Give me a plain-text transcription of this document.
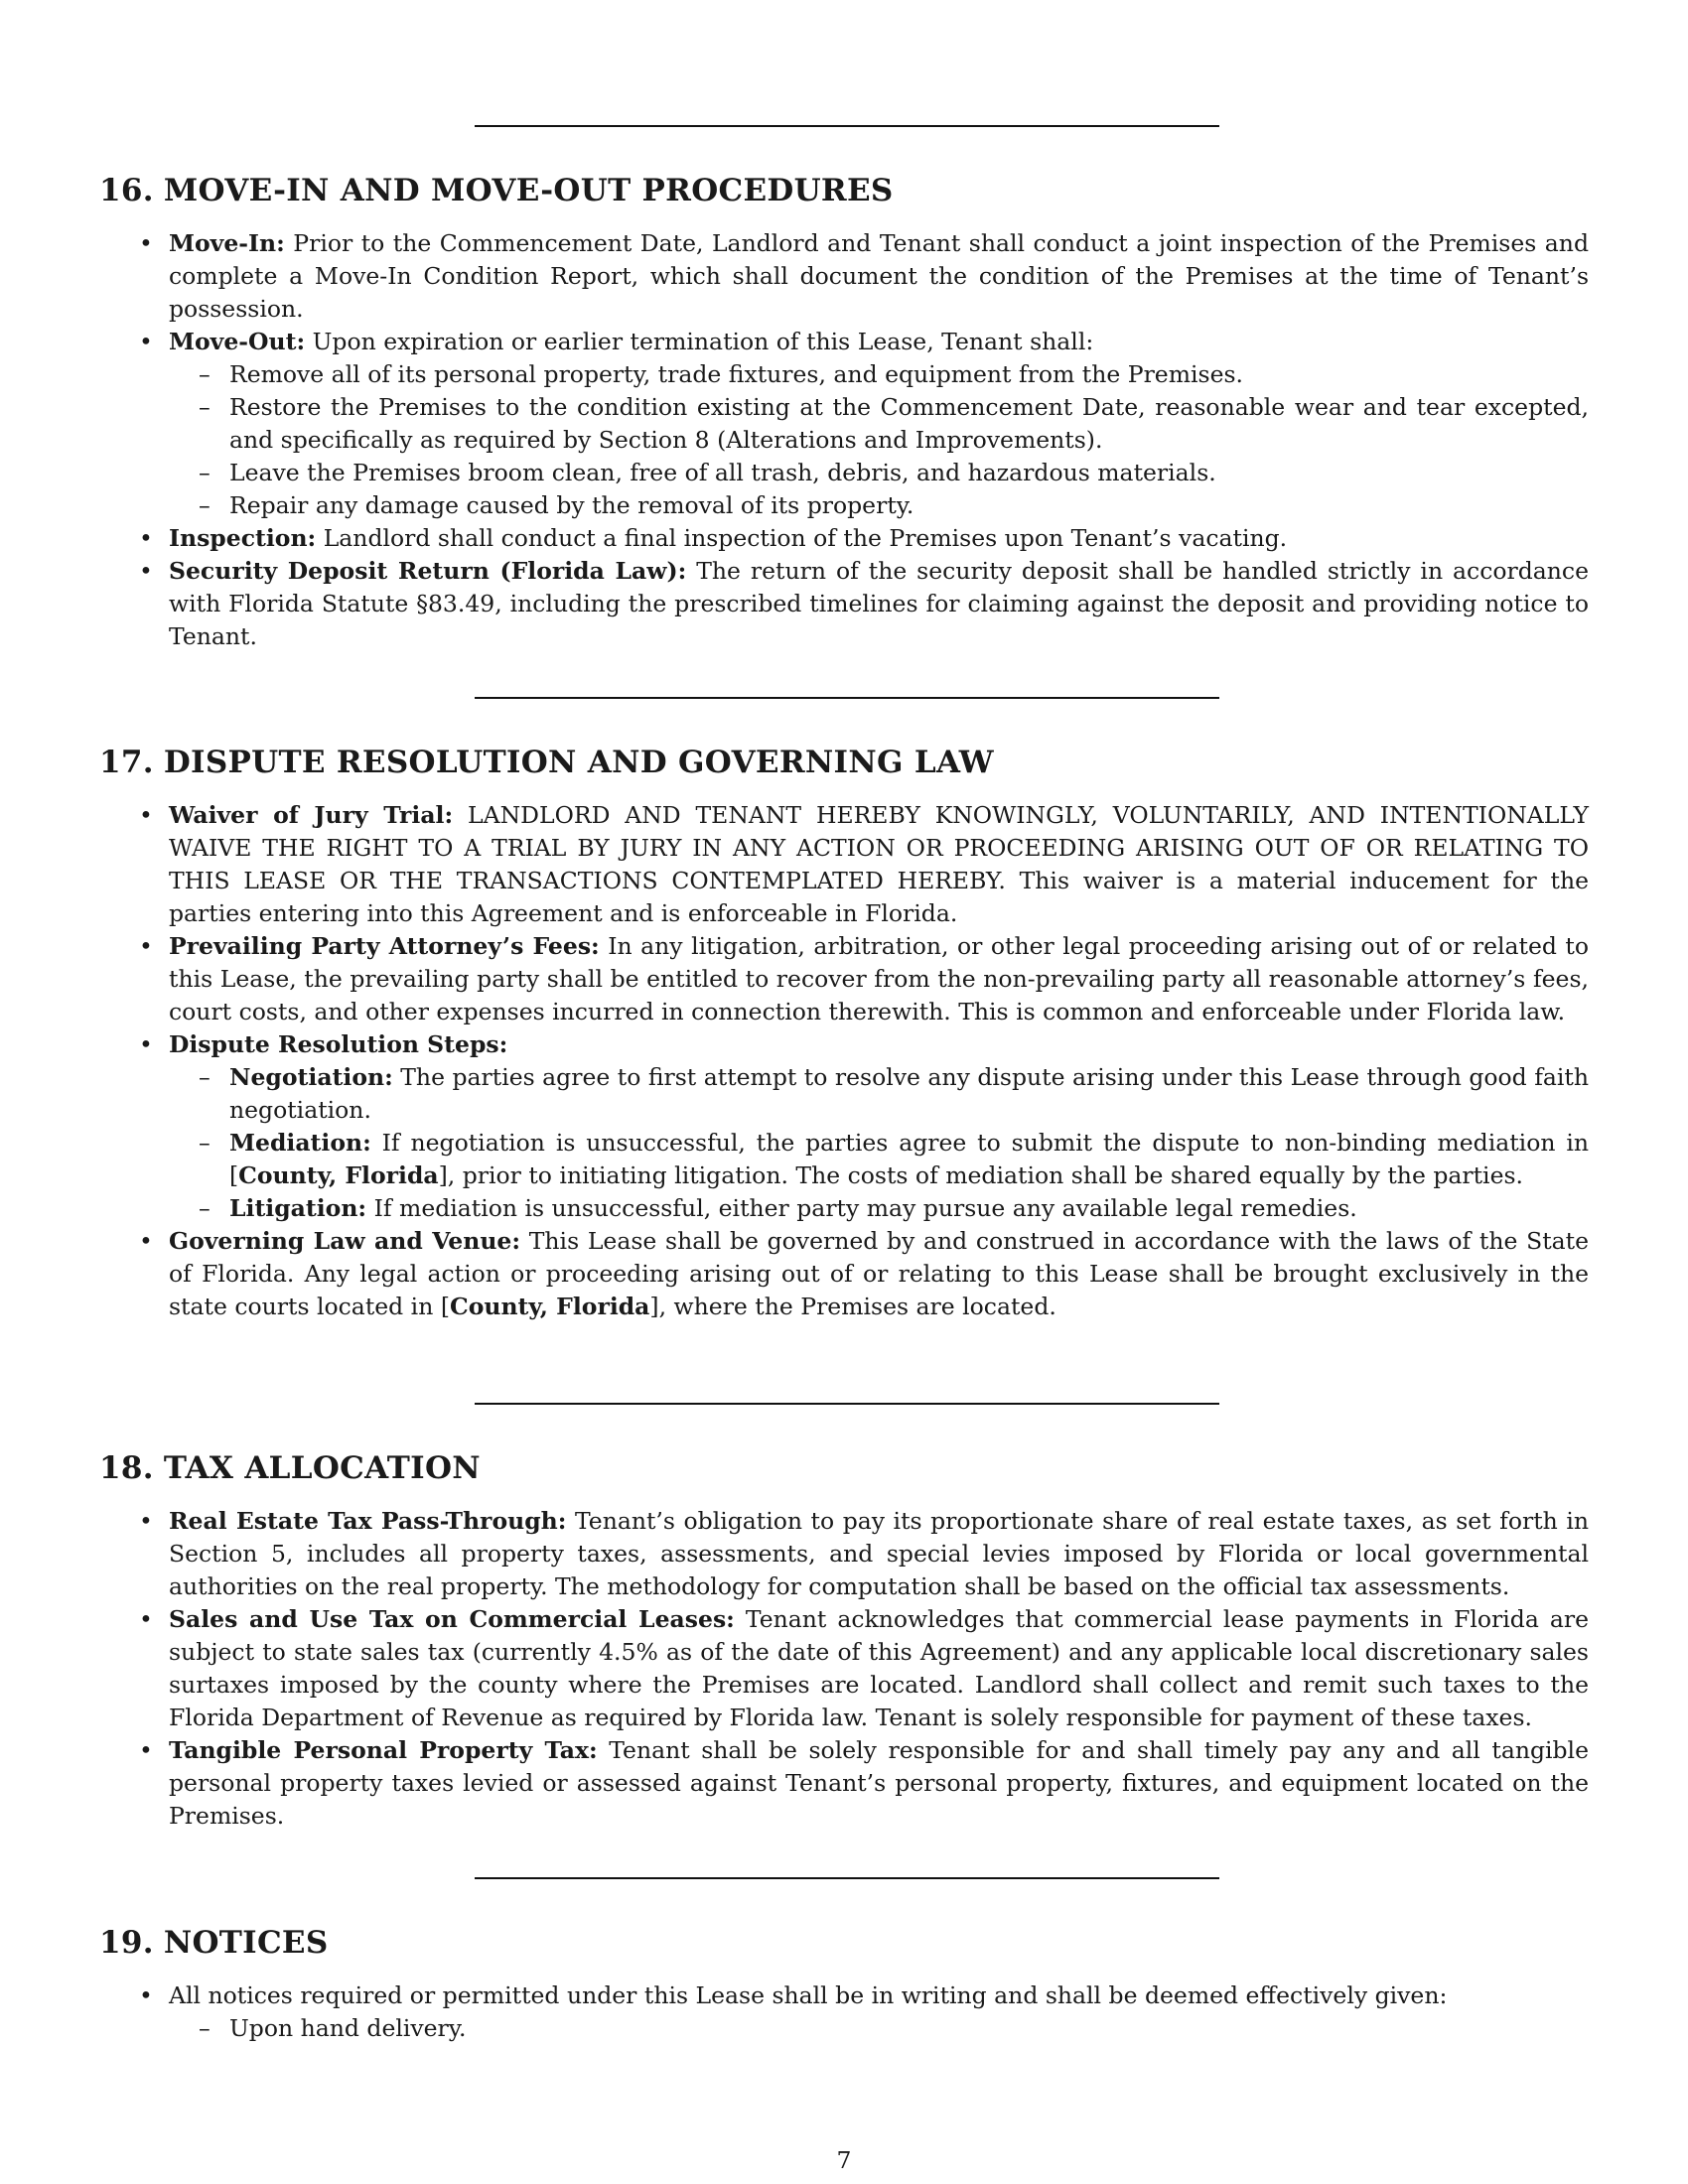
16. MOVE-IN AND MOVE-OUT PROCEDURES
• Move-In: Prior to the Commencement Date, Landlord and Tenant shall conduct a joint inspection of the Premises and complete a Move-In Condition Report, which shall document the condition of the Premises at the time of Tenant’s possession.
• Move-Out: Upon expiration or earlier termination of this Lease, Tenant shall:
– Remove all of its personal property, trade fixtures, and equipment from the Premises.
– Restore the Premises to the condition existing at the Commencement Date, reasonable wear and tear excepted, and specifically as required by Section 8 (Alterations and Improvements).
– Leave the Premises broom clean, free of all trash, debris, and hazardous materials.
– Repair any damage caused by the removal of its property.
• Inspection: Landlord shall conduct a final inspection of the Premises upon Tenant’s vacating.
• Security Deposit Return (Florida Law): The return of the security deposit shall be handled strictly in accordance with Florida Statute §83.49, including the prescribed timelines for claiming against the deposit and providing notice to Tenant.
17. DISPUTE RESOLUTION AND GOVERNING LAW
• Waiver of Jury Trial: LANDLORD AND TENANT HEREBY KNOWINGLY, VOLUNTARILY, AND INTENTIONALLY WAIVE THE RIGHT TO A TRIAL BY JURY IN ANY ACTION OR PROCEEDING ARISING OUT OF OR RELATING TO THIS LEASE OR THE TRANSACTIONS CONTEMPLATED HEREBY. This waiver is a material inducement for the parties entering into this Agreement and is enforceable in Florida.
• Prevailing Party Attorney’s Fees: In any litigation, arbitration, or other legal proceeding arising out of or related to this Lease, the prevailing party shall be entitled to recover from the non-prevailing party all reasonable attorney’s fees, court costs, and other expenses incurred in connection therewith. This is common and enforceable under Florida law.
• Dispute Resolution Steps:
– Negotiation: The parties agree to first attempt to resolve any dispute arising under this Lease through good faith negotiation.
– Mediation: If negotiation is unsuccessful, the parties agree to submit the dispute to non-binding mediation in [County, Florida], prior to initiating litigation. The costs of mediation shall be shared equally by the parties.
– Litigation: If mediation is unsuccessful, either party may pursue any available legal remedies.
• Governing Law and Venue: This Lease shall be governed by and construed in accordance with the laws of the State of Florida. Any legal action or proceeding arising out of or relating to this Lease shall be brought exclusively in the state courts located in [County, Florida], where the Premises are located.
18. TAX ALLOCATION
• Real Estate Tax Pass-Through: Tenant’s obligation to pay its proportionate share of real estate taxes, as set forth in Section 5, includes all property taxes, assessments, and special levies imposed by Florida or local governmental authorities on the real property. The methodology for computation shall be based on the official tax assessments.
• Sales and Use Tax on Commercial Leases: Tenant acknowledges that commercial lease payments in Florida are subject to state sales tax (currently 4.5% as of the date of this Agreement) and any applicable local discretionary sales surtaxes imposed by the county where the Premises are located. Landlord shall collect and remit such taxes to the Florida Department of Revenue as required by Florida law. Tenant is solely responsible for payment of these taxes.
• Tangible Personal Property Tax: Tenant shall be solely responsible for and shall timely pay any and all tangible personal property taxes levied or assessed against Tenant’s personal property, fixtures, and equipment located on the Premises.
19. NOTICES
• All notices required or permitted under this Lease shall be in writing and shall be deemed effectively given:
– Upon hand delivery.
7
